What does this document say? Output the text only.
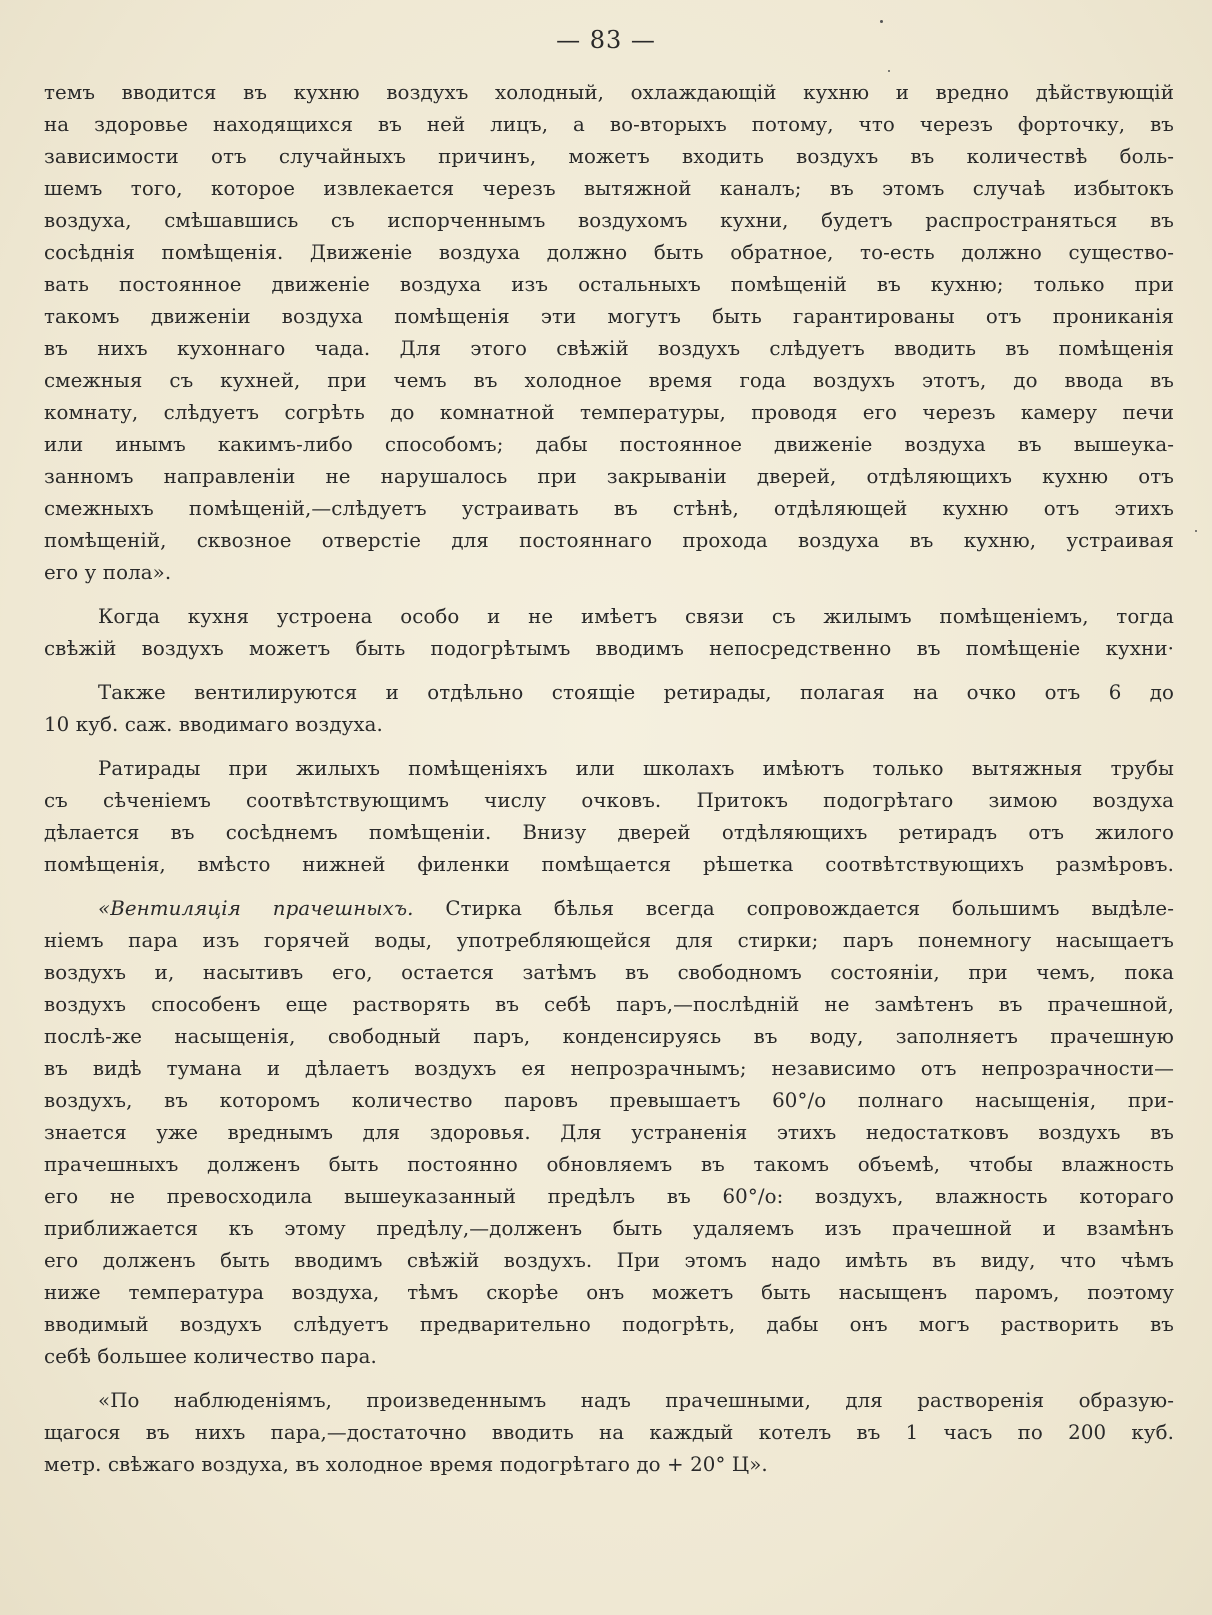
— 83 —
темъ вводится въ кухню воздухъ холодный, охлаждающій кухню и вредно дѣйствующій
на здоровье находящихся въ ней лицъ, а во-вторыхъ потому, что черезъ форточку, въ
зависимости отъ случайныхъ причинъ, можетъ входить воздухъ въ количествѣ боль-
шемъ того, которое извлекается черезъ вытяжной каналъ; въ этомъ случаѣ избытокъ
воздуха, смѣшавшись съ испорченнымъ воздухомъ кухни, будетъ распространяться въ
сосѣднія помѣщенія. Движеніе воздуха должно быть обратное, то-есть должно существо-
вать постоянное движеніе воздуха изъ остальныхъ помѣщеній въ кухню; только при
такомъ движеніи воздуха помѣщенія эти могутъ быть гарантированы отъ прониканія
въ нихъ кухоннаго чада. Для этого свѣжій воздухъ слѣдуетъ вводить въ помѣщенія
смежныя съ кухней, при чемъ въ холодное время года воздухъ этотъ, до ввода въ
комнату, слѣдуетъ согрѣть до комнатной температуры, проводя его черезъ камеру печи
или инымъ какимъ-либо способомъ; дабы постоянное движеніе воздуха въ вышеука-
занномъ направленіи не нарушалось при закрываніи дверей, отдѣляющихъ кухню отъ
смежныхъ помѣщеній,—слѣдуетъ устраивать въ стѣнѣ, отдѣляющей кухню отъ этихъ
помѣщеній, сквозное отверстіе для постояннаго прохода воздуха въ кухню, устраивая
его у пола».
Когда кухня устроена особо и не имѣетъ связи съ жилымъ помѣщеніемъ, тогда
свѣжій воздухъ можетъ быть подогрѣтымъ вводимъ непосредственно въ помѣщеніе кухни·
Также вентилируются и отдѣльно стоящіе ретирады, полагая на очко отъ 6 до
10 куб. саж. вводимаго воздуха.
Ратирады при жилыхъ помѣщеніяхъ или школахъ имѣютъ только вытяжныя трубы
съ сѣченіемъ соотвѣтствующимъ числу очковъ. Притокъ подогрѣтаго зимою воздуха
дѣлается въ сосѣднемъ помѣщеніи. Внизу дверей отдѣляющихъ ретирадъ отъ жилого
помѣщенія, вмѣсто нижней филенки помѣщается рѣшетка соотвѣтствующихъ размѣровъ.
«Вентиляція прачешныхъ. Стирка бѣлья всегда сопровождается большимъ выдѣле-
ніемъ пара изъ горячей воды, употребляющейся для стирки; паръ понемногу насыщаетъ
воздухъ и, насытивъ его, остается затѣмъ въ свободномъ состояніи, при чемъ, пока
воздухъ способенъ еще растворять въ себѣ паръ,—послѣдній не замѣтенъ въ прачешной,
послѣ-же насыщенія, свободный паръ, конденсируясь въ воду, заполняетъ прачешную
въ видѣ тумана и дѣлаетъ воздухъ ея непрозрачнымъ; независимо отъ непрозрачности—
воздухъ, въ которомъ количество паровъ превышаетъ 60°/о полнаго насыщенія, при-
знается уже вреднымъ для здоровья. Для устраненія этихъ недостатковъ воздухъ въ
прачешныхъ долженъ быть постоянно обновляемъ въ такомъ объемѣ, чтобы влажность
его не превосходила вышеуказанный предѣлъ въ 60°/о: воздухъ, влажность котораго
приближается къ этому предѣлу,—долженъ быть удаляемъ изъ прачешной и взамѣнъ
его долженъ быть вводимъ свѣжій воздухъ. При этомъ надо имѣть въ виду, что чѣмъ
ниже температура воздуха, тѣмъ скорѣе онъ можетъ быть насыщенъ паромъ, поэтому
вводимый воздухъ слѣдуетъ предварительно подогрѣть, дабы онъ могъ растворить въ
себѣ большее количество пара.
«По наблюденіямъ, произведеннымъ надъ прачешными, для растворенія образую-
щагося въ нихъ пара,—достаточно вводить на каждый котелъ въ 1 часъ по 200 куб.
метр. свѣжаго воздуха, въ холодное время подогрѣтаго до + 20° Ц».
